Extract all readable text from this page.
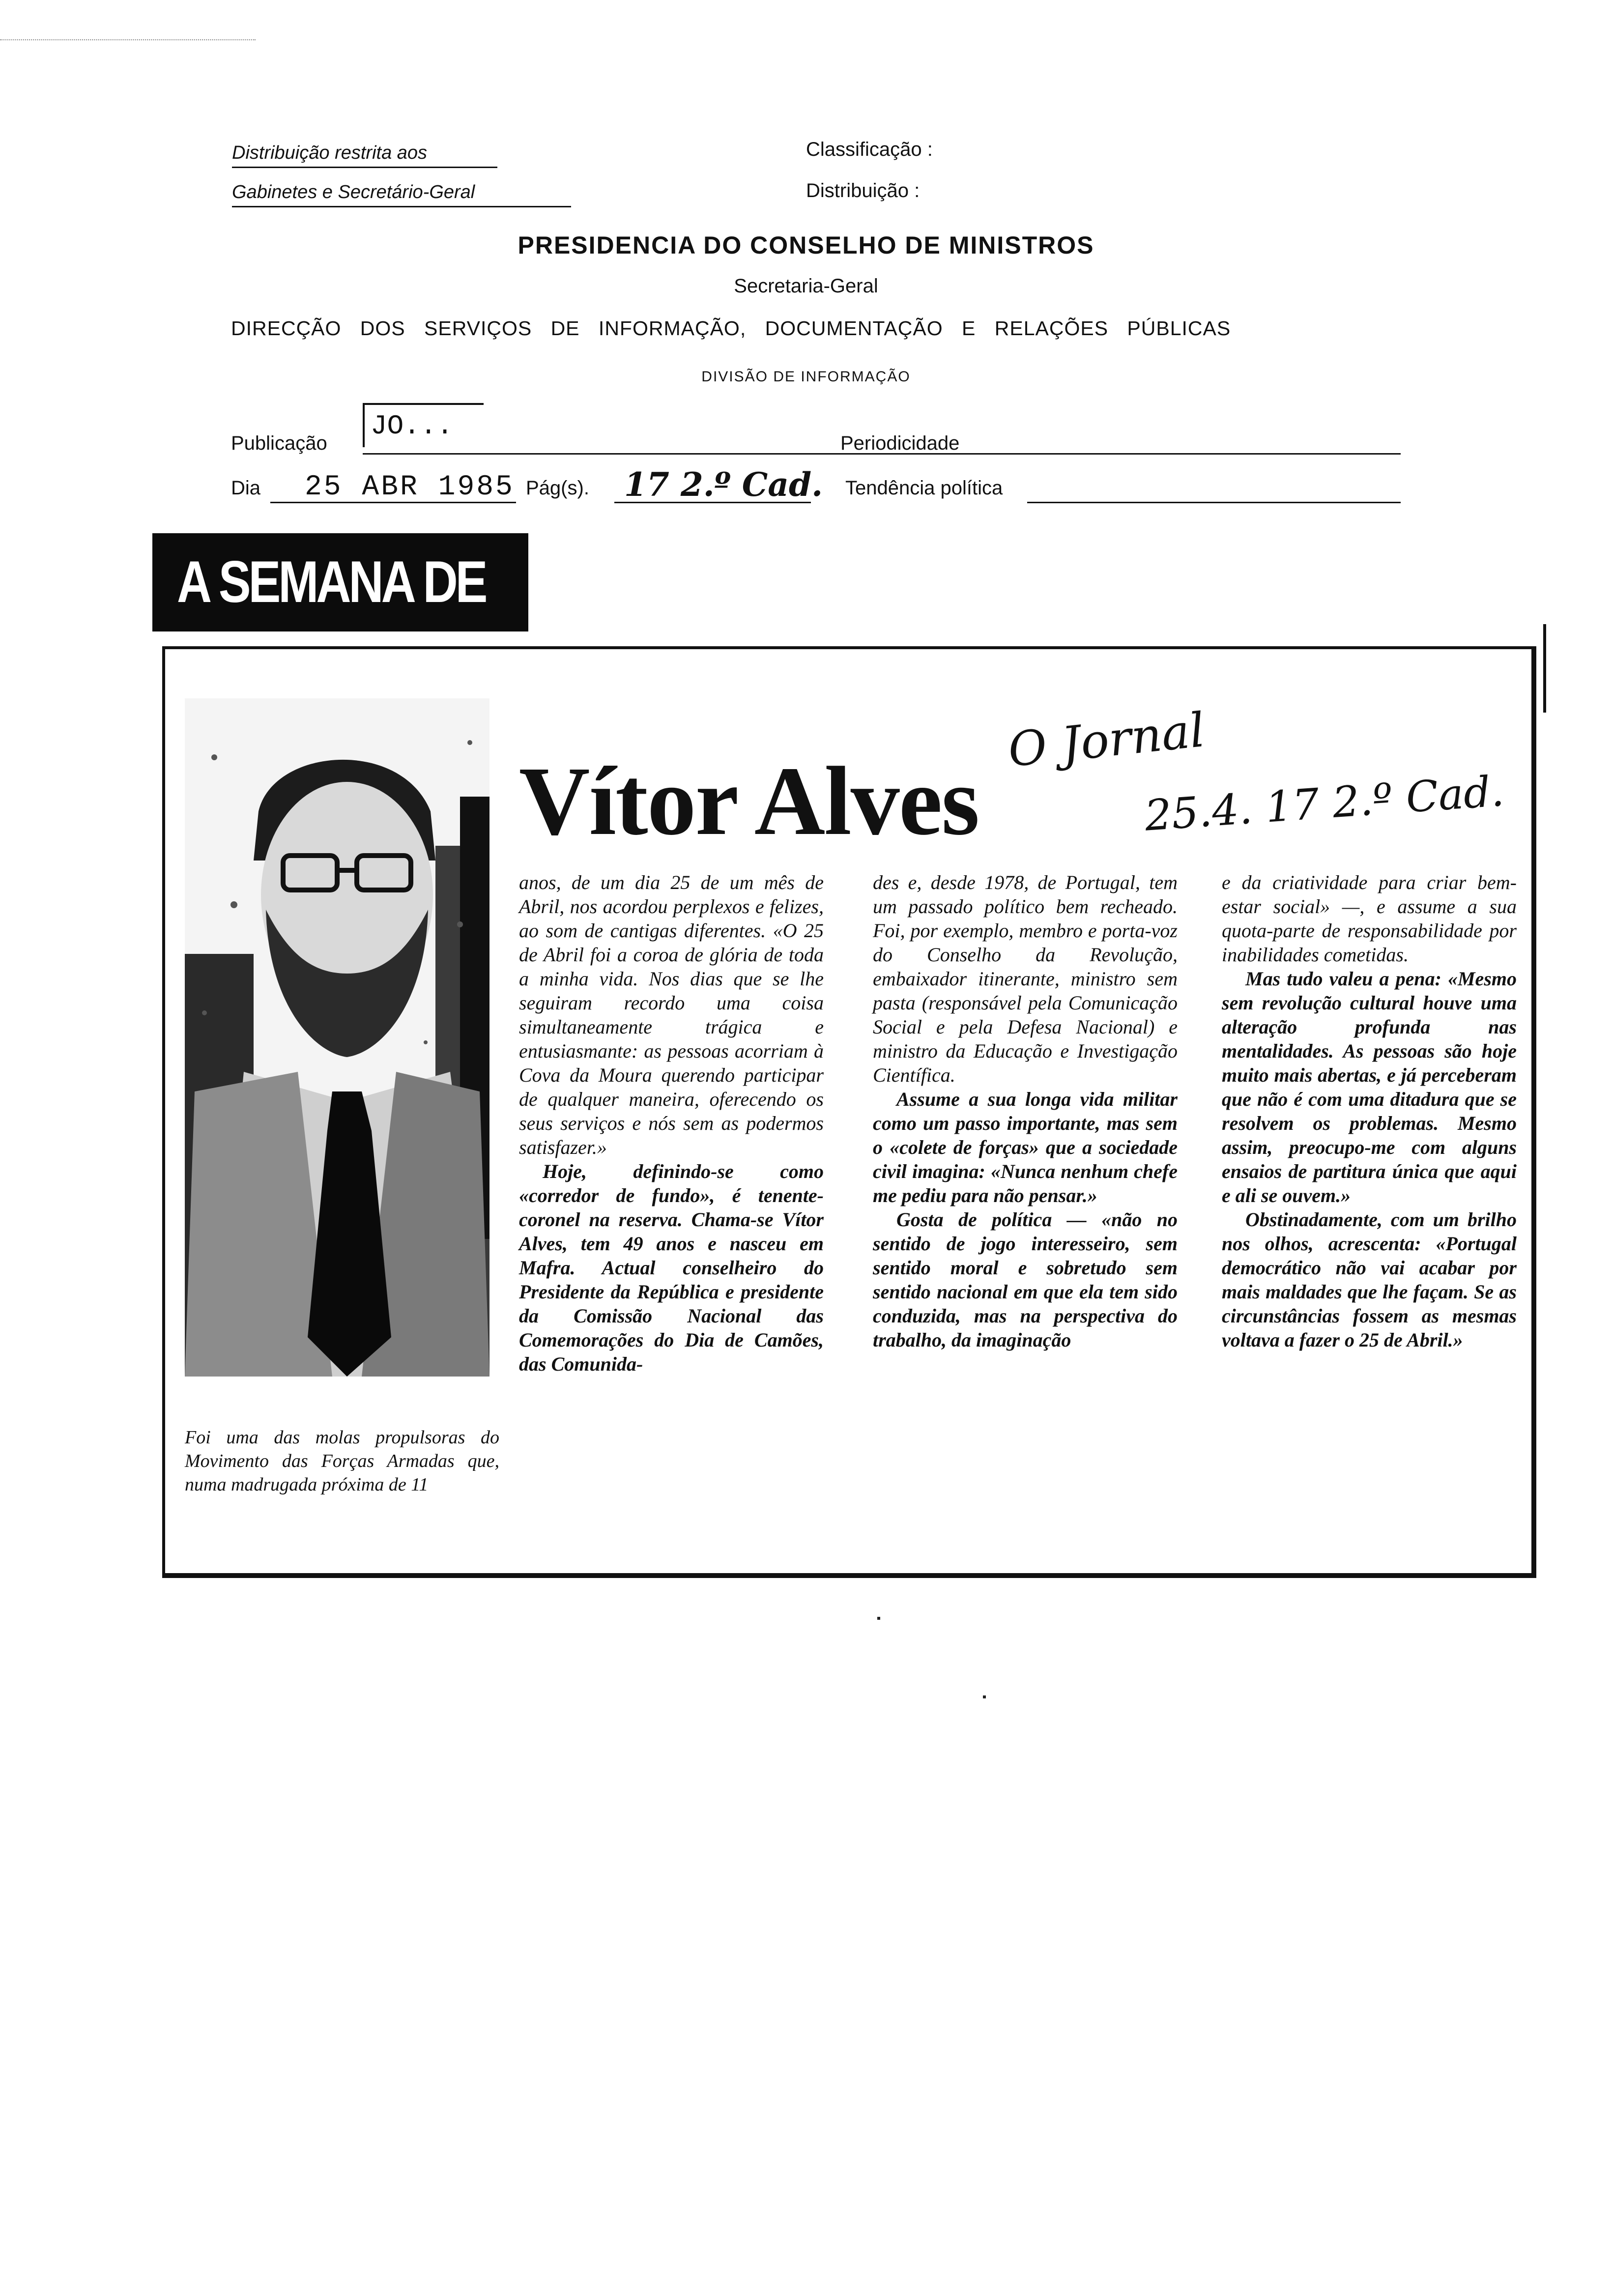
Distribuição restrita aos
Gabinetes e Secretário-Geral
Classificação :
Distribuição :
PRESIDENCIA DO CONSELHO DE MINISTROS
Secretaria-Geral
DIRECÇÃO DOS SERVIÇOS DE INFORMAÇÃO, DOCUMENTAÇÃO E RELAÇÕES PÚBLICAS
DIVISÃO DE INFORMAÇÃO
Publicação
JO...
Periodicidade
Dia 25 ABR 1985 Pág(s). 17 2.º Cad. Tendência política
A SEMANA DE
Foi uma das molas propulsoras do Movimento das Forças Armadas que, numa madrugada próxima de 11
Vítor Alves
O Jornal
25.4. 17 2.º Cad.

anos, de um dia 25 de um mês de Abril, nos acordou perplexos e felizes, ao som de cantigas diferentes. «O 25 de Abril foi a coroa de glória de toda a minha vida. Nos dias que se lhe seguiram recordo uma coisa simultaneamente trágica e entusiasmante: as pessoas acorriam à Cova da Moura querendo participar de qualquer maneira, oferecendo os seus serviços e nós sem as podermos satisfazer.»

Hoje, definindo-se como «corredor de fundo», é tenente-coronel na reserva. Chama-se Vítor Alves, tem 49 anos e nasceu em Mafra. Actual conselheiro do Presidente da República e presidente da Comissão Nacional das Comemorações do Dia de Camões, das Comunida-

des e, desde 1978, de Portugal, tem um passado político bem recheado. Foi, por exemplo, membro e porta-voz do Conselho da Revolução, embaixador itinerante, ministro sem pasta (responsável pela Comunicação Social e pela Defesa Nacional) e ministro da Educação e Investigação Científica.

Assume a sua longa vida militar como um passo importante, mas sem o «colete de forças» que a sociedade civil imagina: «Nunca nenhum chefe me pediu para não pensar.»

Gosta de política — «não no sentido de jogo interesseiro, sem sentido moral e sobretudo sem sentido nacional em que ela tem sido conduzida, mas na perspectiva do trabalho, da imaginação

e da criatividade para criar bem-estar social» —, e assume a sua quota-parte de responsabilidade por inabilidades cometidas.

Mas tudo valeu a pena: «Mesmo sem revolução cultural houve uma alteração profunda nas mentalidades. As pessoas são hoje muito mais abertas, e já perceberam que não é com uma ditadura que se resolvem os problemas. Mesmo assim, preocupo-me com alguns ensaios de partitura única que aqui e ali se ouvem.»

Obstinadamente, com um brilho nos olhos, acrescenta: «Portugal democrático não vai acabar por mais maldades que lhe façam. Se as circunstâncias fossem as mesmas voltava a fazer o 25 de Abril.»
